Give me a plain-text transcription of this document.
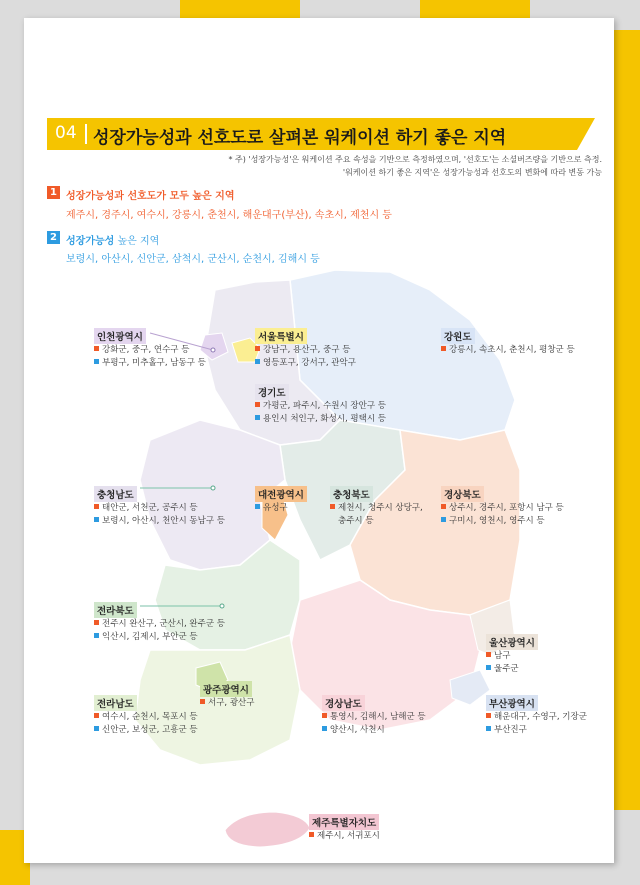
04 성장가능성과 선호도로 살펴본 워케이션 하기 좋은 지역
* 주) '성장가능성'은 워케이션 주요 속성을 기반으로 측정하였으며, '선호도'는 소셜버즈량을 기반으로 측정.
'워케이션 하기 좋은 지역'은 성장가능성과 선호도의 변화에 따라 변동 가능
1 성장가능성과 선호도가 모두 높은 지역
제주시, 경주시, 여수시, 강릉시, 춘천시, 해운대구(부산), 속초시, 제천시 등
2 성장가능성 높은 지역
보령시, 아산시, 신안군, 삼척시, 군산시, 순천시, 김해시 등
인천광역시
강화군, 중구, 연수구 등
부평구, 미추홀구, 남동구 등
서울특별시
강남구, 용산구, 중구 등
영등포구, 강서구, 관악구
강원도
강릉시, 속초시, 춘천시, 평창군 등
경기도
가평군, 파주시, 수원시 장안구 등
용인시 처인구, 화성시, 평택시 등
충청남도
태안군, 서천군, 공주시 등
보령시, 아산시, 천안시 동남구 등
대전광역시
유성구
충청북도
제천시, 청주시 상당구,
충주시 등
경상북도
상주시, 경주시, 포항시 남구 등
구미시, 영천시, 영주시 등
전라북도
전주시 완산구, 군산시, 완주군 등
익산시, 김제시, 부안군 등
울산광역시
남구
울주군
광주광역시
서구, 광산구
전라남도
여수시, 순천시, 목포시 등
신안군, 보성군, 고흥군 등
경상남도
통영시, 김해시, 남해군 등
양산시, 사천시
부산광역시
해운대구, 수영구, 기장군
부산진구
제주특별자치도
제주시, 서귀포시
